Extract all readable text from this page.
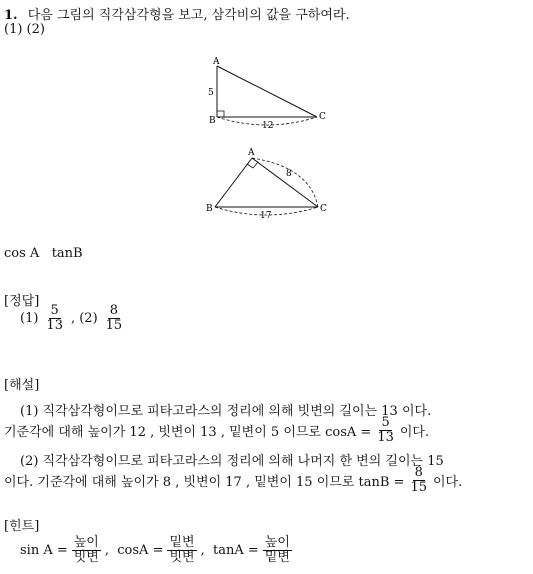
1. 다음 그림의 직각삼각형을 보고, 삼각비의 값을 구하여라.
(1) (2)
A
B	C
5
12
A
B	C
8
17
cos A   tanB
[정답]
$(1) \frac{5}{13}$ , $(2) \frac{8}{15}$
[해설]
(1) 직각삼각형이므로 피타고라스의 정리에 의해 빗변의 길이는 13 이다.
기준각에 대해 높이가 12 , 빗변이 13 , 밑변이 5 이므로 $\cos A = \frac{5}{13}$ 이다.
(2) 직각삼각형이므로 피타고라스의 정리에 의해 나머지 한 변의 길이는 15
이다. 기준각에 대해 높이가 8 , 빗변이 17 , 밑변이 15 이므로 $\tan B = \frac{8}{15}$ 이다.
[힌트]
$\sin A = \frac{\text{높이}}{\text{빗변}}$ ,  $\cos A = \frac{\text{밑변}}{\text{빗변}}$ ,  $\tan A = \frac{\text{높이}}{\text{밑변}}$
